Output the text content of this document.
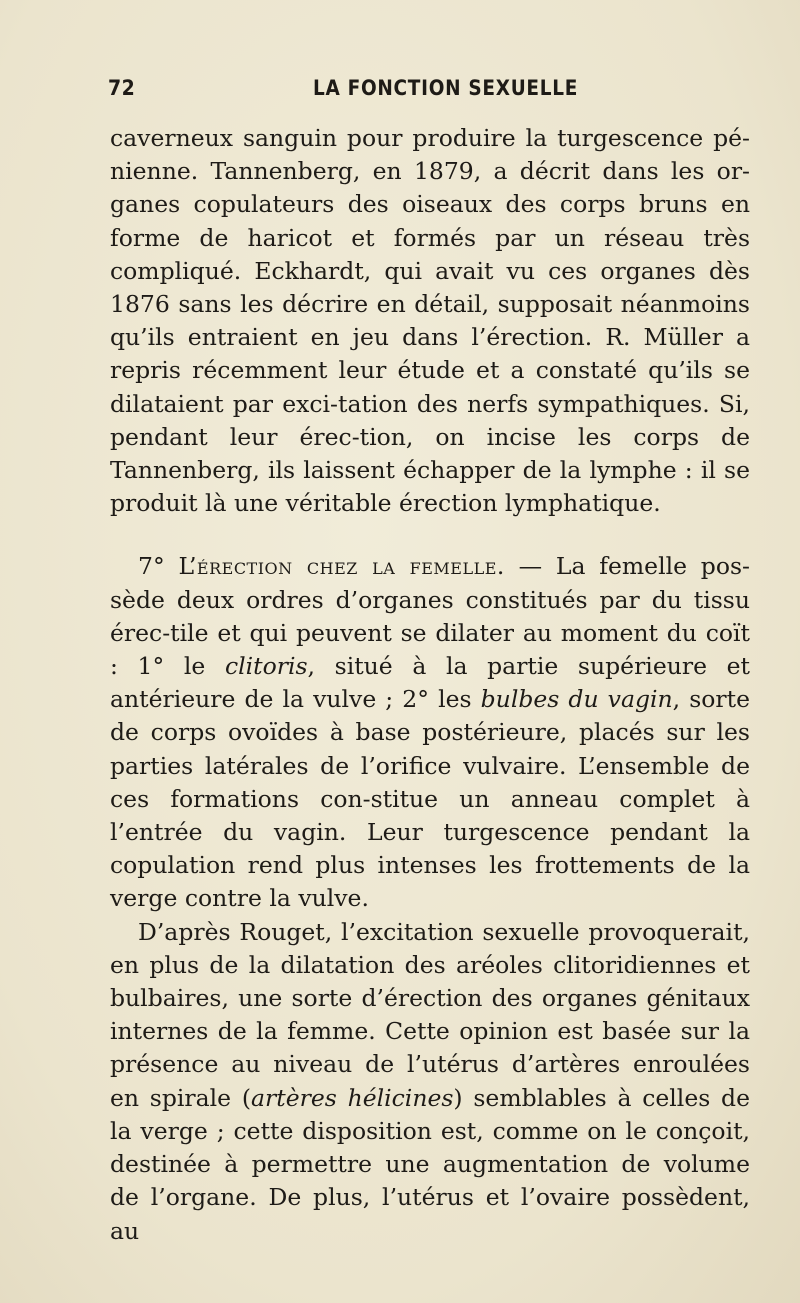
72	LA FONCTION SEXUELLE

caverneux sanguin pour produire la turgescence pé-nienne. Tannenberg, en 1879, a décrit dans les or-ganes copulateurs des oiseaux des corps bruns en forme de haricot et formés par un réseau très compliqué. Eckhardt, qui avait vu ces organes dès 1876 sans les décrire en détail, supposait néanmoins qu’ils entraient en jeu dans l’érection. R. Müller a repris récemment leur étude et a constaté qu’ils se dilataient par exci-tation des nerfs sympathiques. Si, pendant leur érec-tion, on incise les corps de Tannenberg, ils laissent échapper de la lymphe : il se produit là une véritable érection lymphatique.

7° L’érection chez la femelle. — La femelle pos-sède deux ordres d’organes constitués par du tissu érec-tile et qui peuvent se dilater au moment du coït : 1° le clitoris, situé à la partie supérieure et antérieure de la vulve ; 2° les bulbes du vagin, sorte de corps ovoïdes à base postérieure, placés sur les parties latérales de l’orifice vulvaire. L’ensemble de ces formations con-stitue un anneau complet à l’entrée du vagin. Leur turgescence pendant la copulation rend plus intenses les frottements de la verge contre la vulve.

D’après Rouget, l’excitation sexuelle provoquerait, en plus de la dilatation des aréoles clitoridiennes et bulbaires, une sorte d’érection des organes génitaux internes de la femme. Cette opinion est basée sur la présence au niveau de l’utérus d’artères enroulées en spirale (artères hélicines) semblables à celles de la verge ; cette disposition est, comme on le conçoit, destinée à permettre une augmentation de volume de l’organe. De plus, l’utérus et l’ovaire possèdent, au
